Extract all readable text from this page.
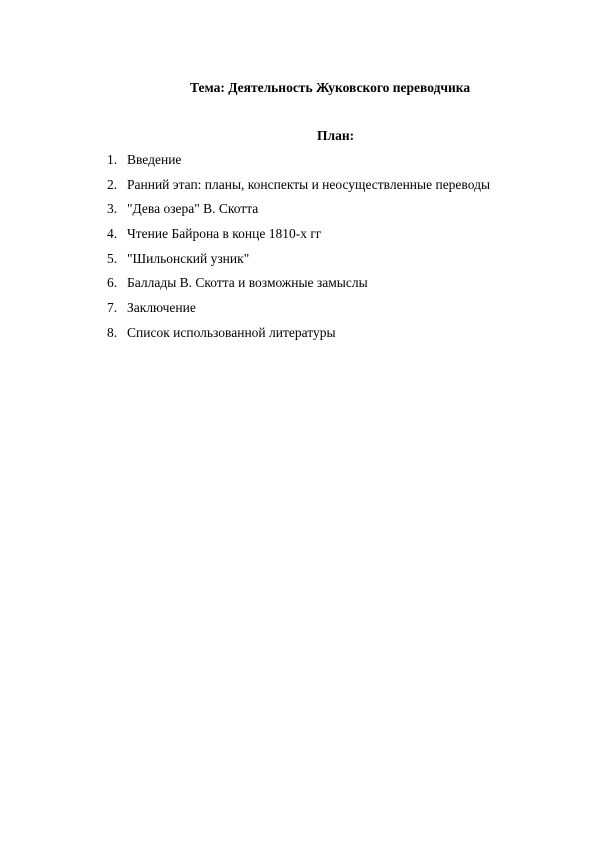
Тема: Деятельность Жуковского переводчика
План:
1. Введение
2. Ранний этап: планы, конспекты и неосуществленные переводы
3. "Дева озера" В. Скотта
4. Чтение Байрона в конце 1810-х гг
5. "Шильонский узник"
6. Баллады В. Скотта и возможные замыслы
7. Заключение
8. Список использованной литературы
